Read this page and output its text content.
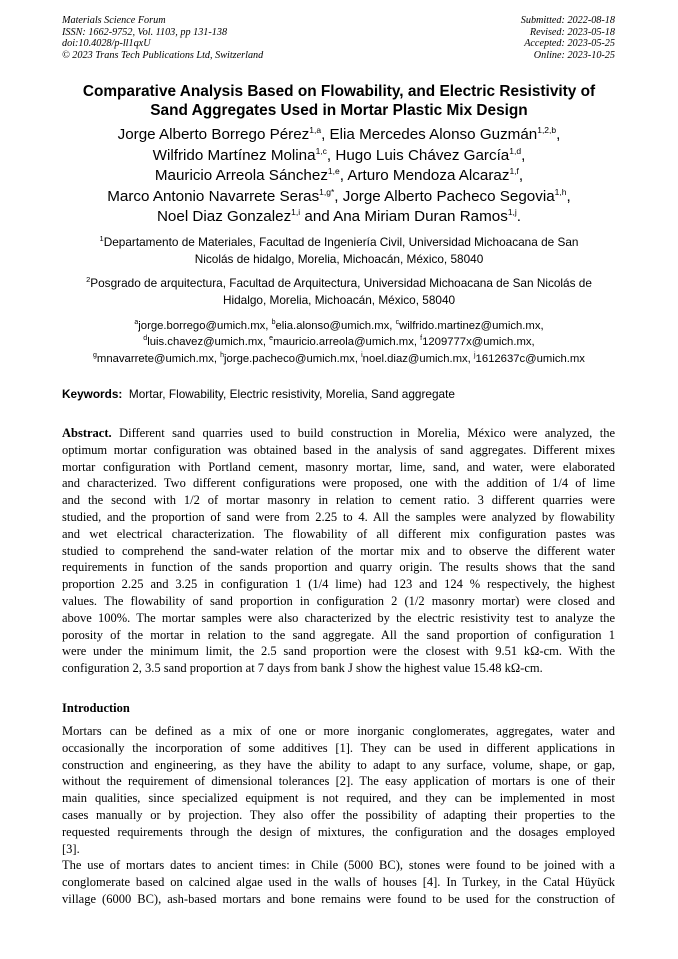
Materials Science Forum
ISSN: 1662-9752, Vol. 1103, pp 131-138
doi:10.4028/p-ll1qxU
© 2023 Trans Tech Publications Ltd, Switzerland
Submitted: 2022-08-18
Revised: 2023-05-18
Accepted: 2023-05-25
Online: 2023-10-25
Comparative Analysis Based on Flowability, and Electric Resistivity of
Sand Aggregates Used in Mortar Plastic Mix Design
Jorge Alberto Borrego Pérez$^{1,a}$, Elia Mercedes Alonso Guzmán$^{1,2,b}$,
Wilfrido Martínez Molina$^{1,c}$, Hugo Luis Chávez García$^{1,d}$,
Mauricio Arreola Sánchez$^{1,e}$, Arturo Mendoza Alcaraz$^{1,f}$,
Marco Antonio Navarrete Seras$^{1,g*}$, Jorge Alberto Pacheco Segovia$^{1,h}$,
Noel Diaz Gonzalez$^{1,i}$ and Ana Miriam Duran Ramos$^{1,j}$.
$^1$Departamento de Materiales, Facultad de Ingeniería Civil, Universidad Michoacana de San
Nicolás de hidalgo, Morelia, Michoacán, México, 58040
$^2$Posgrado de arquitectura, Facultad de Arquitectura, Universidad Michoacana de San Nicolás de
Hidalgo, Morelia, Michoacán, México, 58040
$^a$jorge.borrego@umich.mx, $^b$elia.alonso@umich.mx, $^c$wilfrido.martinez@umich.mx,
$^d$luis.chavez@umich.mx, $^e$mauricio.arreola@umich.mx, $^f$1209777x@umich.mx,
$^g$mnavarrete@umich.mx, $^h$jorge.pacheco@umich.mx, $^i$noel.diaz@umich.mx, $^j$1612637c@umich.mx
Keywords: Mortar, Flowability, Electric resistivity, Morelia, Sand aggregate
Abstract. Different sand quarries used to build construction in Morelia, México were analyzed, the
optimum mortar configuration was obtained based in the analysis of sand aggregates. Different mixes
mortar configuration with Portland cement, masonry mortar, lime, sand, and water, were elaborated
and characterized. Two different configurations were proposed, one with the addition of 1/4 of lime
and the second with 1/2 of mortar masonry in relation to cement ratio. 3 different quarries were
studied, and the proportion of sand were from 2.25 to 4. All the samples were analyzed by flowability
and wet electrical characterization. The flowability of all different mix configuration pastes was
studied to comprehend the sand-water relation of the mortar mix and to observe the different water
requirements in function of the sands proportion and quarry origin. The results shows that the sand
proportion 2.25 and 3.25 in configuration 1 (1/4 lime) had 123 and 124 % respectively, the highest
values. The flowability of sand proportion in configuration 2 (1/2 masonry mortar) were closed and
above 100%. The mortar samples were also characterized by the electric resistivity test to analyze the
porosity of the mortar in relation to the sand aggregate. All the sand proportion of configuration 1
were under the minimum limit, the 2.5 sand proportion were the closest with 9.51 kΩ-cm. With the
configuration 2, 3.5 sand proportion at 7 days from bank J show the highest value 15.48 kΩ-cm.
Introduction
Mortars can be defined as a mix of one or more inorganic conglomerates, aggregates, water and
occasionally the incorporation of some additives [1]. They can be used in different applications in
construction and engineering, as they have the ability to adapt to any surface, volume, shape, or gap,
without the requirement of dimensional tolerances [2]. The easy application of mortars is one of their
main qualities, since specialized equipment is not required, and they can be implemented in most
cases manually or by projection. They also offer the possibility of adapting their properties to the
requested requirements through the design of mixtures, the configuration and the dosages employed
[3].
The use of mortars dates to ancient times: in Chile (5000 BC), stones were found to be joined with a
conglomerate based on calcined algae used in the walls of houses [4]. In Turkey, in the Catal Hüyück
village (6000 BC), ash-based mortars and bone remains were found to be used for the construction of
